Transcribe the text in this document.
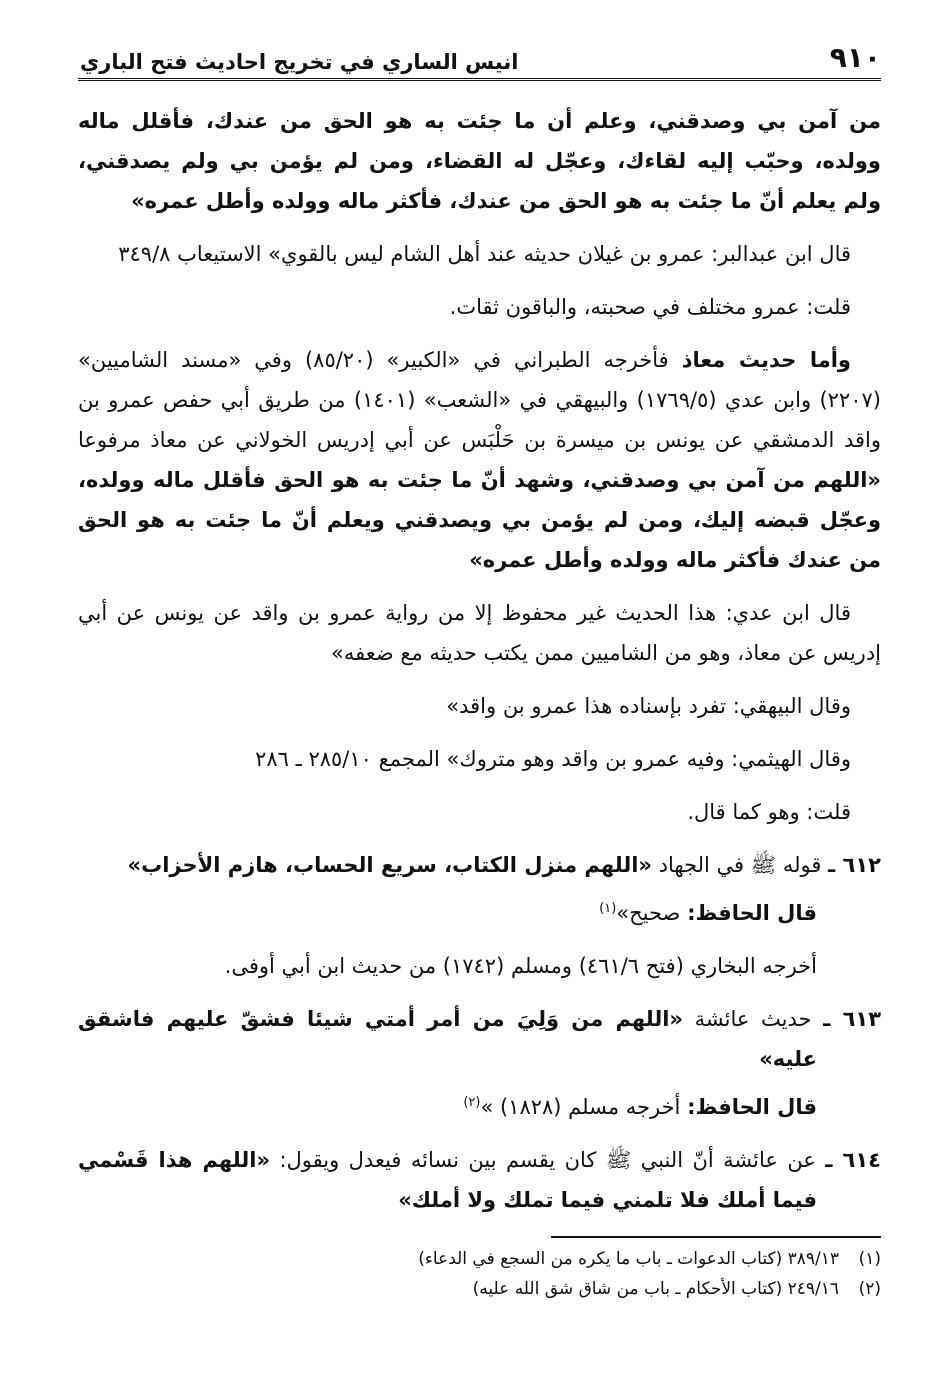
٩١٠
انيس الساري في تخريج احاديث فتح الباري

من آمن بي وصدقني، وعلم أن ما جئت به هو الحق من عندك، فأقلل ماله وولده، وحبّب إليه لقاءك، وعجّل له القضاء، ومن لم يؤمن بي ولم يصدقني، ولم يعلم أنّ ما جئت به هو الحق من عندك، فأكثر ماله وولده وأطل عمره»

قال ابن عبدالبر: عمرو بن غيلان حديثه عند أهل الشام ليس بالقوي» الاستيعاب ٣٤٩/٨

قلت: عمرو مختلف في صحبته، والباقون ثقات.

وأما حديث معاذ فأخرجه الطبراني في «الكبير» (٨٥/٢٠) وفي «مسند الشاميين» (٢٢٠٧) وابن عدي (١٧٦٩/٥) والبيهقي في «الشعب» (١٤٠١) من طريق أبي حفص عمرو بن واقد الدمشقي عن يونس بن ميسرة بن حَلْبَس عن أبي إدريس الخولاني عن معاذ مرفوعا «اللهم من آمن بي وصدقني، وشهد أنّ ما جئت به هو الحق فأقلل ماله وولده، وعجّل قبضه إليك، ومن لم يؤمن بي ويصدقني ويعلم أنّ ما جئت به هو الحق من عندك فأكثر ماله وولده وأطل عمره»

قال ابن عدي: هذا الحديث غير محفوظ إلا من رواية عمرو بن واقد عن يونس عن أبي إدريس عن معاذ، وهو من الشاميين ممن يكتب حديثه مع ضعفه»

وقال البيهقي: تفرد بإسناده هذا عمرو بن واقد»

وقال الهيثمي: وفيه عمرو بن واقد وهو متروك» المجمع ٢٨٥/١٠ ـ ٢٨٦

قلت: وهو كما قال.

٦١٢ ـ قوله ﷺ في الجهاد «اللهم منزل الكتاب، سريع الحساب، هازم الأحزاب»

قال الحافظ: صحيح»$^{(١)}$

أخرجه البخاري (فتح ٤٦١/٦) ومسلم (١٧٤٢) من حديث ابن أبي أوفى.

٦١٣ ـ حديث عائشة «اللهم من وَلِيَ من أمر أمتي شيئا فشقّ عليهم فاشقق عليه»

قال الحافظ: أخرجه مسلم (١٨٢٨) »$^{(٢)}$

٦١٤ ـ عن عائشة أنّ النبي ﷺ كان يقسم بين نسائه فيعدل ويقول: «اللهم هذا قَسْمي فيما أملك فلا تلمني فيما تملك ولا أملك»

(١)٣٨٩/١٣ (كتاب الدعوات ـ باب ما يكره من السجع في الدعاء)
(٢)٢٤٩/١٦ (كتاب الأحكام ـ باب من شاق شق الله عليه)
